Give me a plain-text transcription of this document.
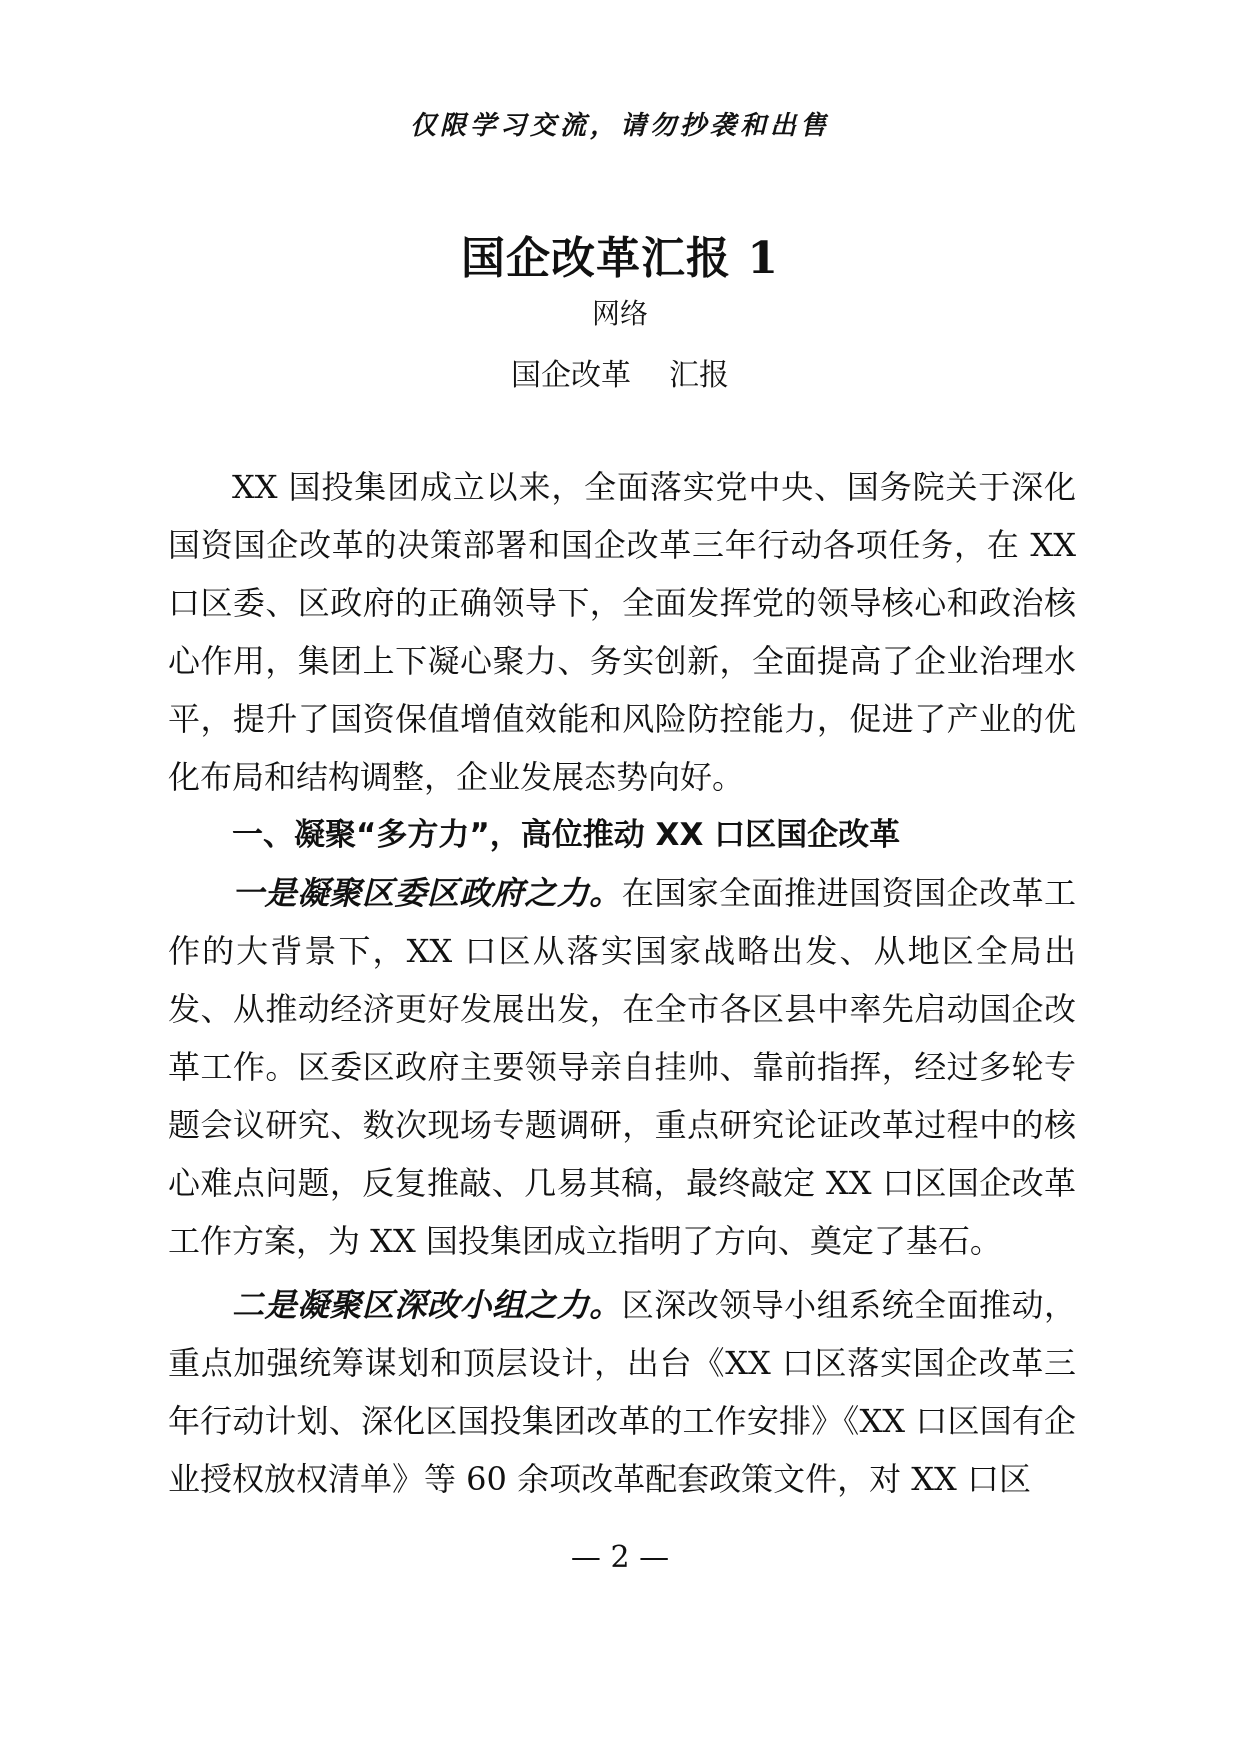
仅限学习交流，请勿抄袭和出售
国企改革汇报 1
网络
国企改革 汇报

XX 国投集团成立以来，全面落实党中央、国务院关于深化国资国企改革的决策部署和国企改革三年行动各项任务，在 XX 口区委、区政府的正确领导下，全面发挥党的领导核心和政治核心作用，集团上下凝心聚力、务实创新，全面提高了企业治理水平，提升了国资保值增值效能和风险防控能力，促进了产业的优化布局和结构调整，企业发展态势向好。

一、凝聚“多方力”，高位推动 XX 口区国企改革

一是凝聚区委区政府之力。在国家全面推进国资国企改革工作的大背景下，XX 口区从落实国家战略出发、从地区全局出发、从推动经济更好发展出发，在全市各区县中率先启动国企改革工作。区委区政府主要领导亲自挂帅、靠前指挥，经过多轮专题会议研究、数次现场专题调研，重点研究论证改革过程中的核心难点问题，反复推敲、几易其稿，最终敲定 XX 口区国企改革工作方案，为 XX 国投集团成立指明了方向、奠定了基石。

二是凝聚区深改小组之力。区深改领导小组系统全面推动，重点加强统筹谋划和顶层设计，出台《XX 口区落实国企改革三年行动计划、深化区国投集团改革的工作安排》《XX 口区国有企业授权放权清单》等 60 余项改革配套政策文件，对 XX 口区

— 2 —
